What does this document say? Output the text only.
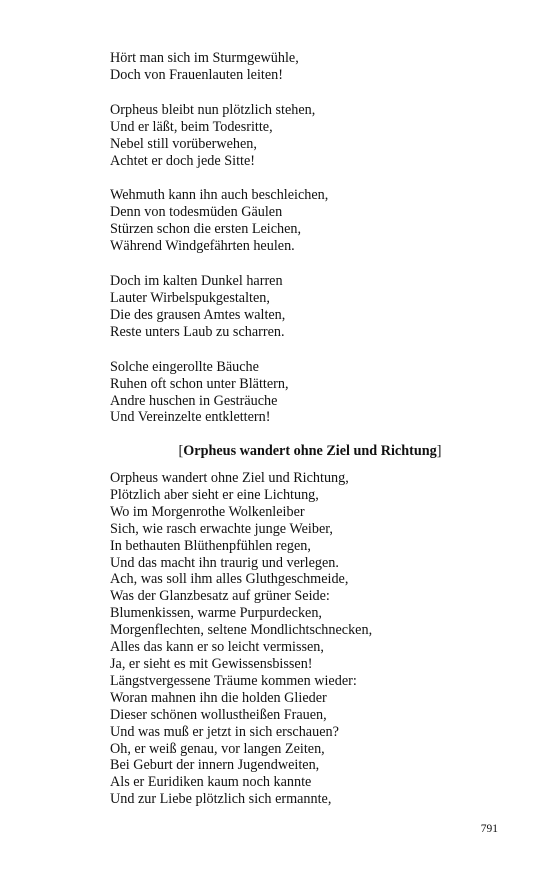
Hört man sich im Sturmgewühle,

Doch von Frauenlauten leiten!

Orpheus bleibt nun plötzlich stehen,

Und er läßt, beim Todesritte,

Nebel still vorüberwehen,

Achtet er doch jede Sitte!

Wehmuth kann ihn auch beschleichen,

Denn von todesmüden Gäulen

Stürzen schon die ersten Leichen,

Während Windgefährten heulen.

Doch im kalten Dunkel harren

Lauter Wirbelspukgestalten,

Die des grausen Amtes walten,

Reste unters Laub zu scharren.

Solche eingerollte Bäuche

Ruhen oft schon unter Blättern,

Andre huschen in Gesträuche

Und Vereinzelte entklettern!

[Orpheus wandert ohne Ziel und Richtung]

Orpheus wandert ohne Ziel und Richtung,

Plötzlich aber sieht er eine Lichtung,

Wo im Morgenrothe Wolkenleiber

Sich, wie rasch erwachte junge Weiber,

In bethauten Blüthenpfühlen regen,

Und das macht ihn traurig und verlegen.

Ach, was soll ihm alles Gluthgeschmeide,

Was der Glanzbesatz auf grüner Seide:

Blumenkissen, warme Purpurdecken,

Morgenflechten, seltene Mondlichtschnecken,

Alles das kann er so leicht vermissen,

Ja, er sieht es mit Gewissensbissen!

Längstvergessene Träume kommen wieder:

Woran mahnen ihn die holden Glieder

Dieser schönen wollustheißen Frauen,

Und was muß er jetzt in sich erschauen?

Oh, er weiß genau, vor langen Zeiten,

Bei Geburt der innern Jugendweiten,

Als er Euridiken kaum noch kannte

Und zur Liebe plötzlich sich ermannte,

791
